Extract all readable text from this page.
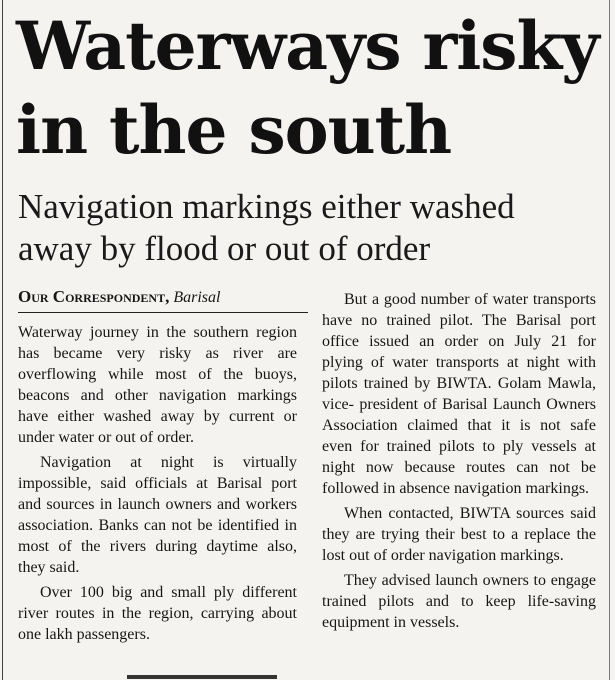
Waterways risky
in the south
Navigation markings either washed
away by flood or out of order
Our Correspondent, Barisal

Waterway journey in the southern region has became very risky as river are overflowing while most of the buoys, beacons and other navigation markings have either washed away by current or under water or out of order.

Navigation at night is virtually impossible, said officials at Barisal port and sources in launch owners and workers association. Banks can not be identified in most of the rivers during daytime also, they said.

Over 100 big and small ply different river routes in the region, carrying about one lakh passengers.

But a good number of water transports have no trained pilot. The Barisal port office issued an order on July 21 for plying of water transports at night with pilots trained by BIWTA. Golam Mawla, vice- president of Barisal Launch Owners Association claimed that it is not safe even for trained pilots to ply vessels at night now because routes can not be followed in absence navigation markings.

When contacted, BIWTA sources said they are trying their best to a replace the lost out of order navigation markings.

They advised launch owners to engage trained pilots and to keep life-saving equipment in vessels.
